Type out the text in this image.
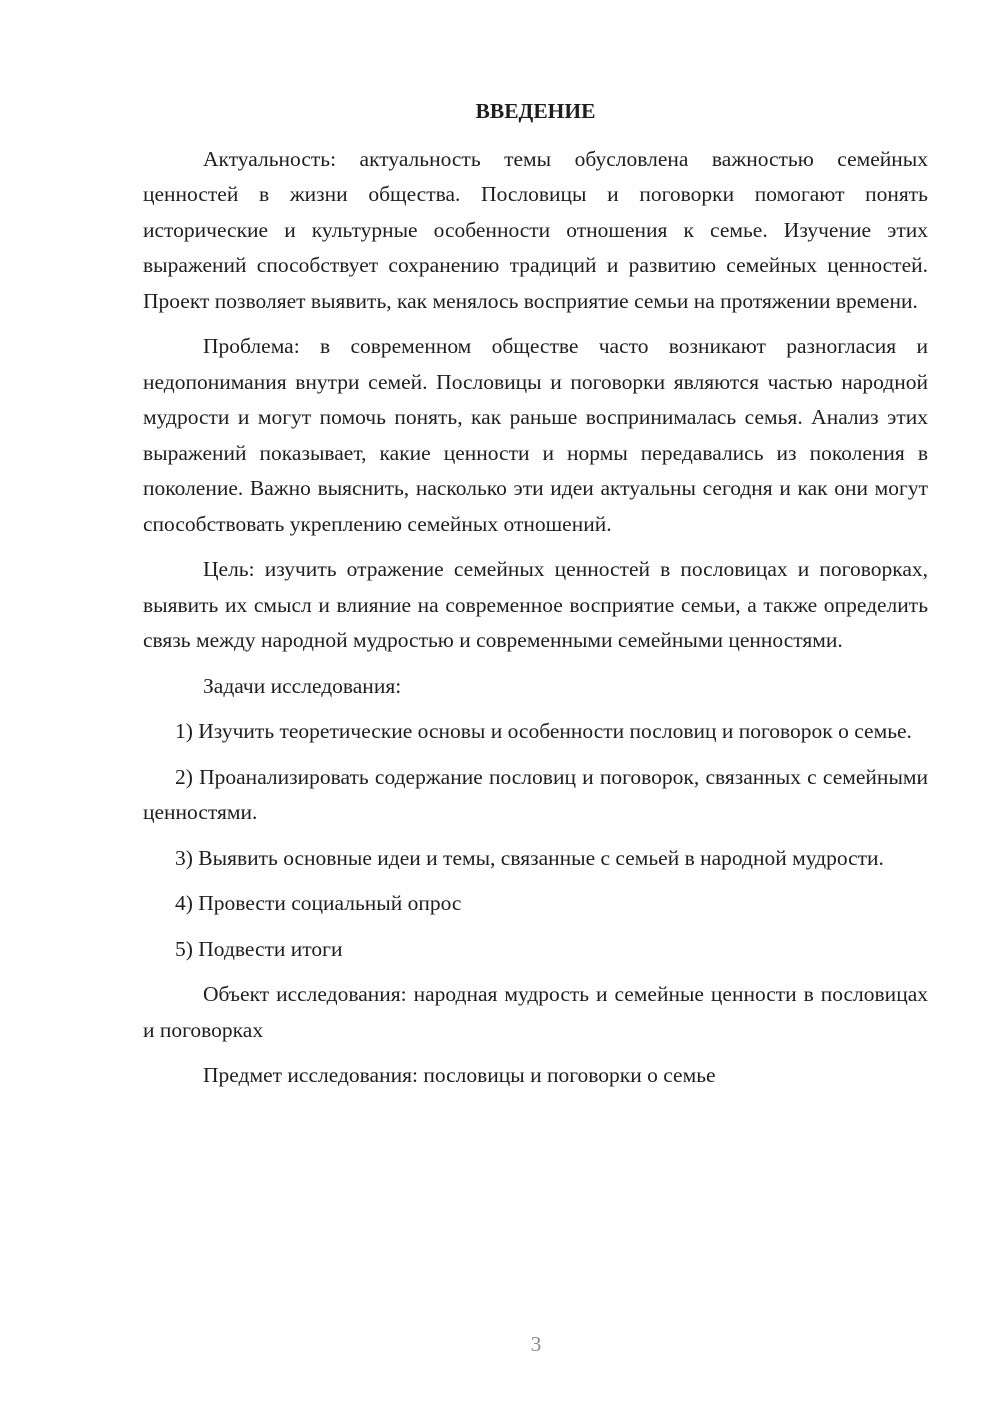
ВВЕДЕНИЕ

Актуальность: актуальность темы обусловлена важностью семейных ценностей в жизни общества. Пословицы и поговорки помогают понять исторические и культурные особенности отношения к семье. Изучение этих выражений способствует сохранению традиций и развитию семейных ценностей. Проект позволяет выявить, как менялось восприятие семьи на протяжении времени.

Проблема: в современном обществе часто возникают разногласия и недопонимания внутри семей. Пословицы и поговорки являются частью народной мудрости и могут помочь понять, как раньше воспринималась семья. Анализ этих выражений показывает, какие ценности и нормы передавались из поколения в поколение. Важно выяснить, насколько эти идеи актуальны сегодня и как они могут способствовать укреплению семейных отношений.

Цель: изучить отражение семейных ценностей в пословицах и поговорках, выявить их смысл и влияние на современное восприятие семьи, а также определить связь между народной мудростью и современными семейными ценностями.

Задачи исследования:

1) Изучить теоретические основы и особенности пословиц и поговорок о семье.

2) Проанализировать содержание пословиц и поговорок, связанных с семейными ценностями.

3) Выявить основные идеи и темы, связанные с семьей в народной мудрости.

4) Провести социальный опрос

5) Подвести итоги

Объект исследования: народная мудрость и семейные ценности в пословицах и поговорках

Предмет исследования: пословицы и поговорки о семье

3
